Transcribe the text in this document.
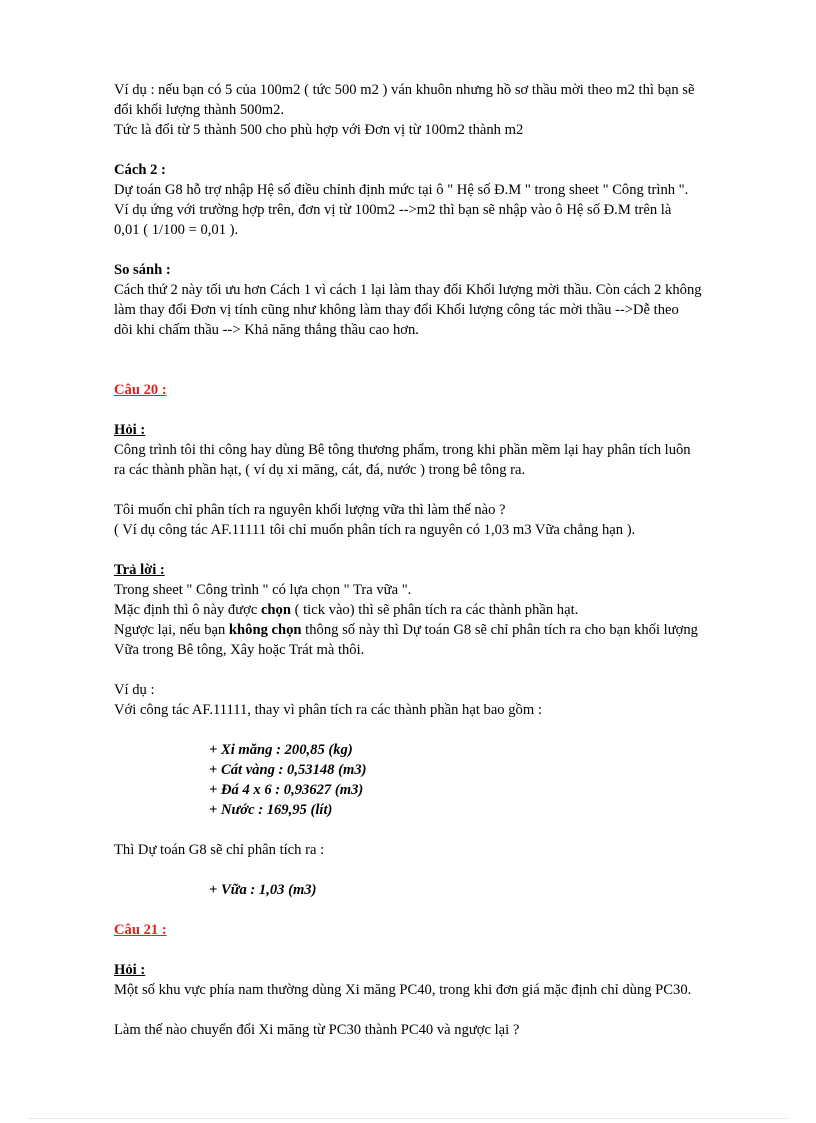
Ví dụ : nếu bạn có 5 của 100m2 ( tức 500 m2 ) ván khuôn nhưng hồ sơ thầu mời theo m2 thì bạn sẽ

đổi khối lượng thành 500m2.

Tức là đổi từ 5 thành 500 cho phù hợp với Đơn vị từ 100m2 thành m2

Cách 2 :

Dự toán G8 hỗ trợ nhập Hệ số điều chỉnh định mức tại ô " Hệ số Đ.M " trong sheet " Công trình ".

Ví dụ ứng với trường hợp trên, đơn vị từ 100m2 -->m2 thì bạn sẽ nhập vào ô Hệ số Đ.M trên là

0,01 ( 1/100 = 0,01 ).

So sánh :

Cách thứ 2 này tối ưu hơn Cách 1 vì cách 1 lại làm thay đổi Khối lượng mời thầu. Còn cách 2 không

làm thay đổi Đơn vị tính cũng như không làm thay đổi Khối lượng công tác mời thầu -->Dễ theo

dõi khi chấm thầu --> Khả năng thắng thầu cao hơn.

Câu 20 :

Hỏi :

Công trình tôi thi công hay dùng Bê tông thương phẩm, trong khi phần mềm lại hay phân tích luôn

ra các thành phần hạt, ( ví dụ xi măng, cát, đá, nước ) trong bê tông ra.

Tôi muốn chỉ phân tích ra nguyên khối lượng vữa thì làm thế nào ?

( Ví dụ công tác AF.11111 tôi chỉ muốn phân tích ra nguyên có 1,03 m3 Vữa chẳng hạn ).

Trả lời :

Trong sheet " Công trình " có lựa chọn " Tra vữa ".

Mặc định thì ô này được chọn ( tick vào) thì sẽ phân tích ra các thành phần hạt.

Ngược lại, nếu bạn không chọn thông số này thì Dự toán G8 sẽ chỉ phân tích ra cho bạn khối lượng

Vữa trong Bê tông, Xây hoặc Trát mà thôi.

Ví dụ :

Với công tác AF.11111, thay vì phân tích ra các thành phần hạt bao gồm :

+ Xi măng : 200,85 (kg)

+ Cát vàng : 0,53148 (m3)

+ Đá 4 x 6 : 0,93627 (m3)

+ Nước : 169,95 (lít)

Thì Dự toán G8 sẽ chỉ phân tích ra :

+ Vữa : 1,03 (m3)

Câu 21 :

Hỏi :

Một số khu vực phía nam thường dùng Xi măng PC40, trong khi đơn giá mặc định chỉ dùng PC30.

Làm thế nào chuyển đổi Xi măng từ PC30 thành PC40 và ngược lại ?
